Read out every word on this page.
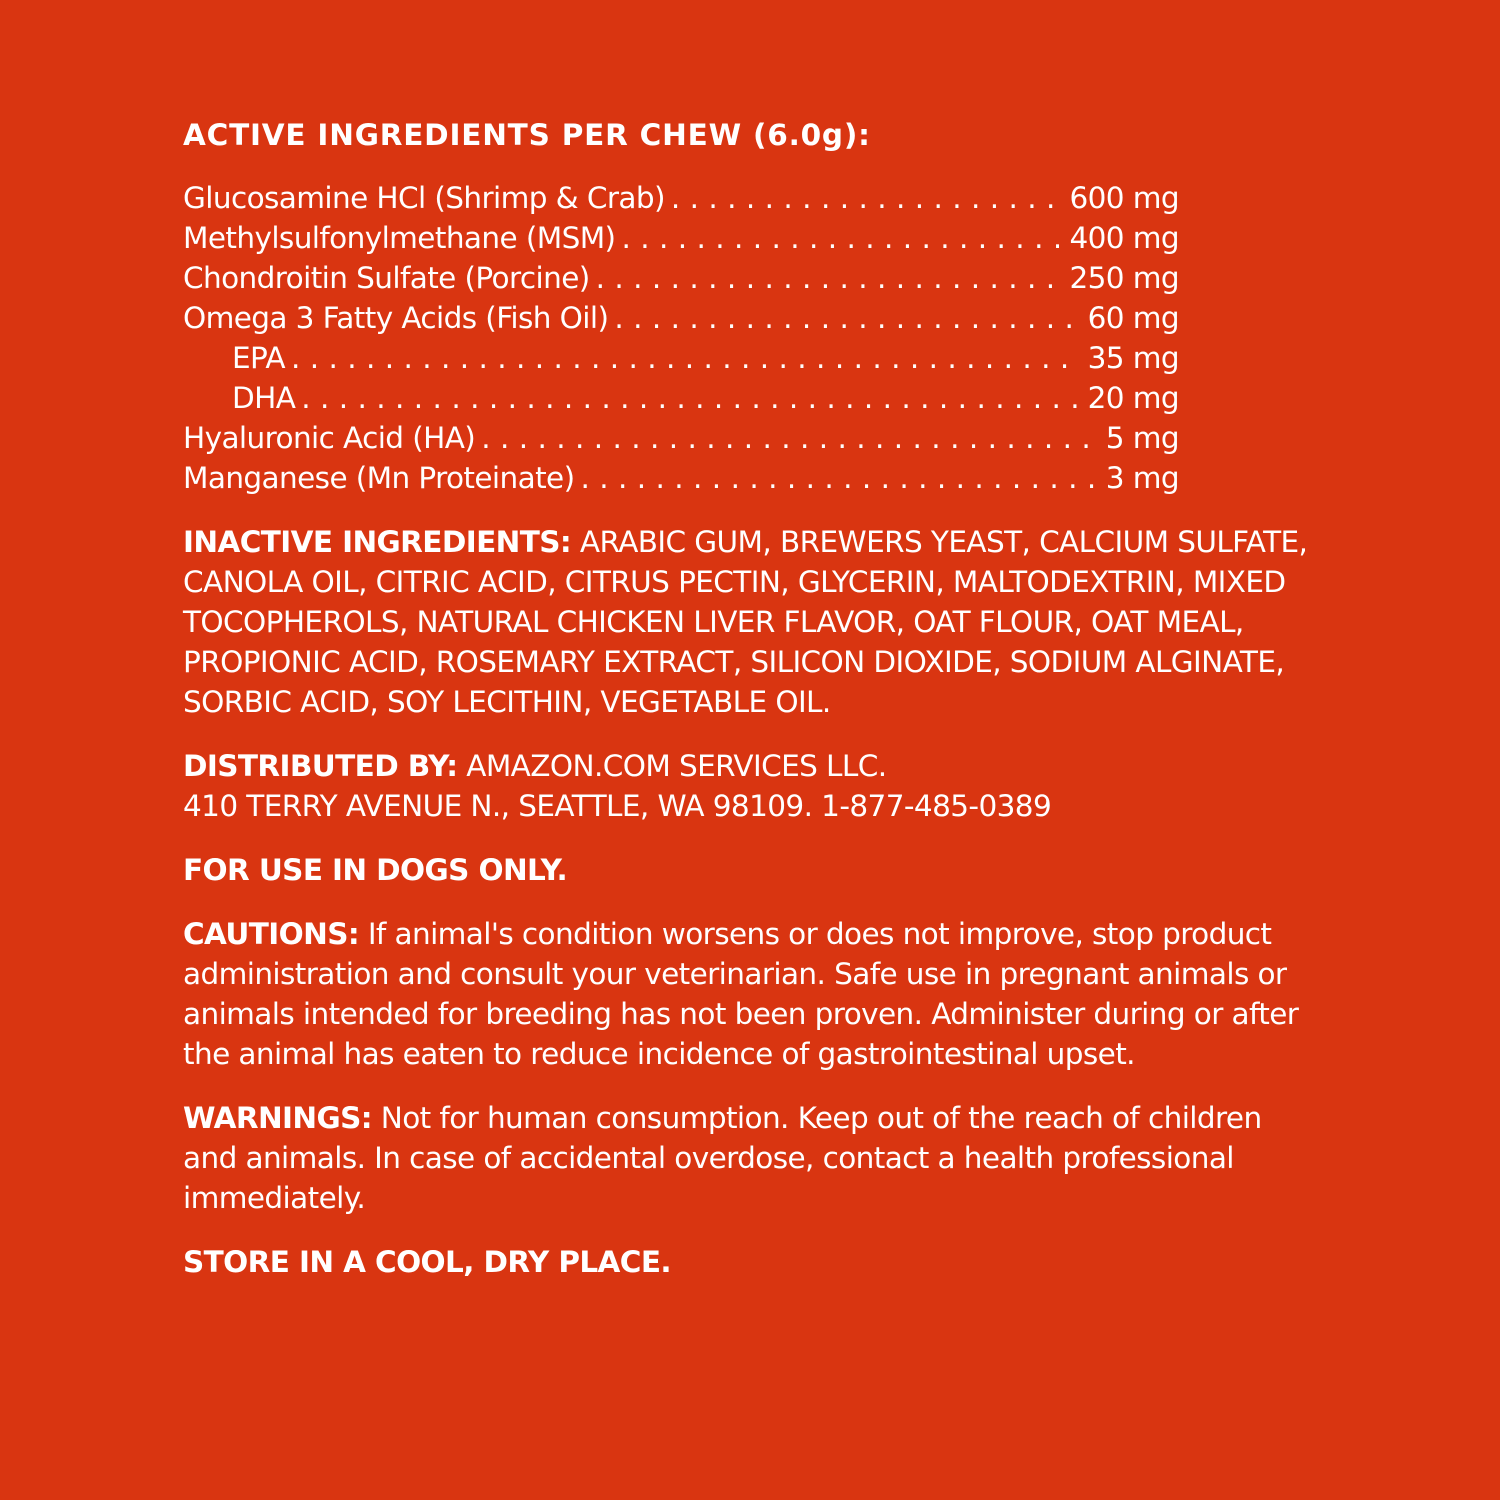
ACTIVE INGREDIENTS PER CHEW (6.0g):
Glucosamine HCl (Shrimp & Crab) . . .	600 mg
Methylsulfonylmethane (MSM) . . .	400 mg
Chondroitin Sulfate (Porcine) . . .	250 mg
Omega 3 Fatty Acids (Fish Oil) . . .	60 mg
EPA . . .	35 mg
DHA . . .	20 mg
Hyaluronic Acid (HA) . . .	5 mg
Manganese (Mn Proteinate) . . .	3 mg
INACTIVE INGREDIENTS: ARABIC GUM, BREWERS YEAST, CALCIUM SULFATE, CANOLA OIL, CITRIC ACID, CITRUS PECTIN, GLYCERIN, MALTODEXTRIN, MIXED TOCOPHEROLS, NATURAL CHICKEN LIVER FLAVOR, OAT FLOUR, OAT MEAL, PROPIONIC ACID, ROSEMARY EXTRACT, SILICON DIOXIDE, SODIUM ALGINATE, SORBIC ACID, SOY LECITHIN, VEGETABLE OIL.
DISTRIBUTED BY: AMAZON.COM SERVICES LLC.
410 TERRY AVENUE N., SEATTLE, WA 98109. 1-877-485-0389
FOR USE IN DOGS ONLY.
CAUTIONS: If animal's condition worsens or does not improve, stop product administration and consult your veterinarian. Safe use in pregnant animals or animals intended for breeding has not been proven. Administer during or after the animal has eaten to reduce incidence of gastrointestinal upset.
WARNINGS: Not for human consumption. Keep out of the reach of children and animals. In case of accidental overdose, contact a health professional immediately.
STORE IN A COOL, DRY PLACE.
